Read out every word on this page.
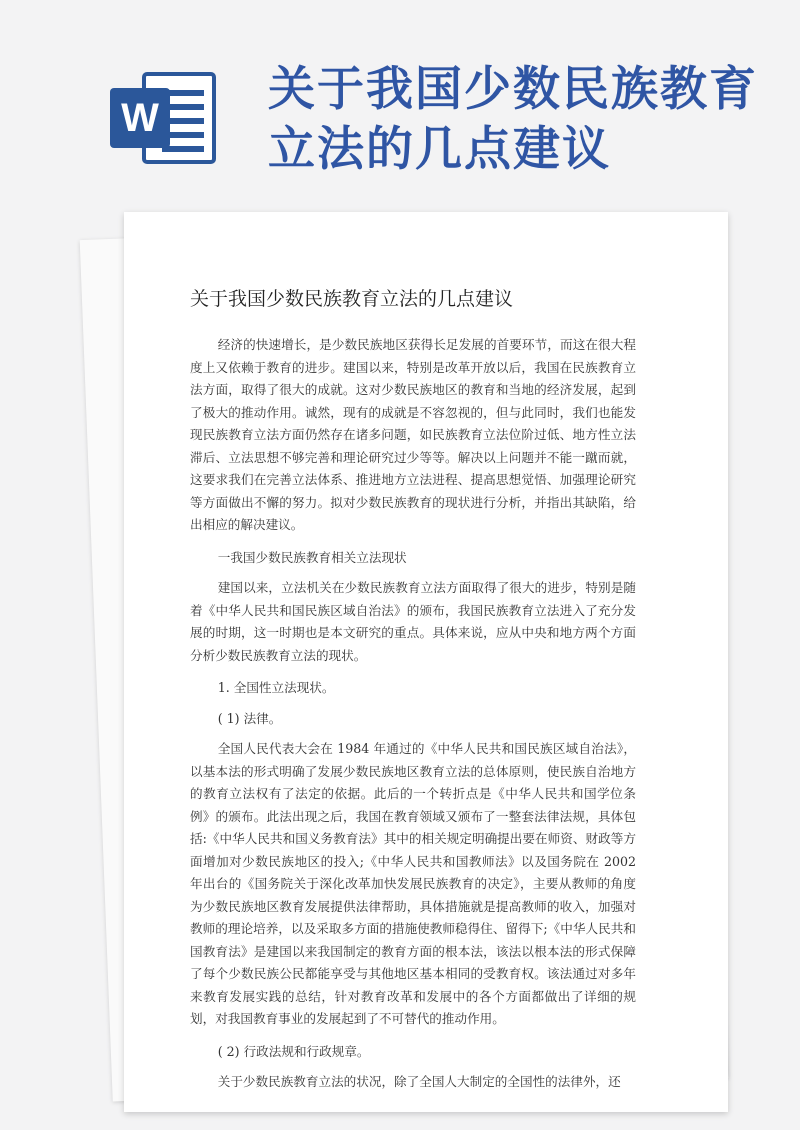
W
关于我国少数民族教育立法的几点建议
关于我国少数民族教育立法的几点建议

经济的快速增长，是少数民族地区获得长足发展的首要环节，而这在很大程度上又依赖于教育的进步。建国以来，特别是改革开放以后，我国在民族教育立法方面，取得了很大的成就。这对少数民族地区的教育和当地的经济发展，起到了极大的推动作用。诚然，现有的成就是不容忽视的，但与此同时，我们也能发现民族教育立法方面仍然存在诸多问题，如民族教育立法位阶过低、地方性立法滞后、立法思想不够完善和理论研究过少等等。解决以上问题并不能一蹴而就，这要求我们在完善立法体系、推进地方立法进程、提高思想觉悟、加强理论研究等方面做出不懈的努力。拟对少数民族教育的现状进行分析，并指出其缺陷，给出相应的解决建议。

一我国少数民族教育相关立法现状

建国以来，立法机关在少数民族教育立法方面取得了很大的进步，特别是随着《中华人民共和国民族区域自治法》的颁布，我国民族教育立法进入了充分发展的时期，这一时期也是本文研究的重点。具体来说，应从中央和地方两个方面分析少数民族教育立法的现状。

1. 全国性立法现状。

( 1) 法律。

全国人民代表大会在 1984 年通过的《中华人民共和国民族区域自治法》，以基本法的形式明确了发展少数民族地区教育立法的总体原则，使民族自治地方的教育立法权有了法定的依据。此后的一个转折点是《中华人民共和国学位条例》的颁布。此法出现之后，我国在教育领域又颁布了一整套法律法规，具体包括:《中华人民共和国义务教育法》其中的相关规定明确提出要在师资、财政等方面增加对少数民族地区的投入;《中华人民共和国教师法》以及国务院在 2002 年出台的《国务院关于深化改革加快发展民族教育的决定》，主要从教师的角度为少数民族地区教育发展提供法律帮助，具体措施就是提高教师的收入，加强对教师的理论培养，以及采取多方面的措施使教师稳得住、留得下;《中华人民共和国教育法》是建国以来我国制定的教育方面的根本法，该法以根本法的形式保障了每个少数民族公民都能享受与其他地区基本相同的受教育权。该法通过对多年来教育发展实践的总结，针对教育改革和发展中的各个方面都做出了详细的规划，对我国教育事业的发展起到了不可替代的推动作用。

( 2) 行政法规和行政规章。

关于少数民族教育立法的状况，除了全国人大制定的全国性的法律外，还
